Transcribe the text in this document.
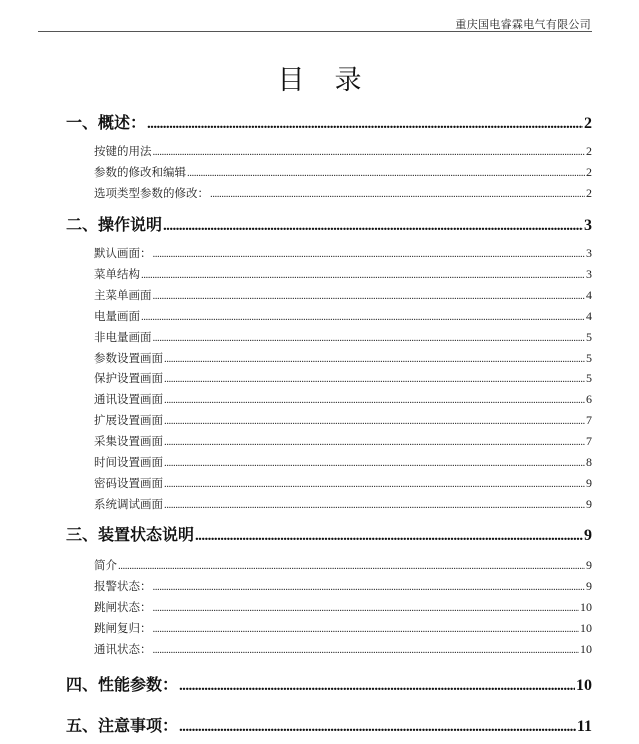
重庆国电睿霖电气有限公司
目录
一、概述： .....	2
按键的用法 .....	2
参数的修改和编辑 .....	2
选项类型参数的修改： .....	2
二、操作说明 .....	3
默认画面： .....	3
菜单结构 .....	3
主菜单画面 .....	4
电量画面 .....	4
非电量画面 .....	5
参数设置画面 .....	5
保护设置画面 .....	5
通讯设置画面 .....	6
扩展设置画面 .....	7
采集设置画面 .....	7
时间设置画面 .....	8
密码设置画面 .....	9
系统调试画面 .....	9
三、装置状态说明 .....	9
简介 .....	9
报警状态： .....	9
跳闸状态： .....	10
跳闸复归： .....	10
通讯状态： .....	10
四、性能参数： .....	10
五、注意事项： .....	11
